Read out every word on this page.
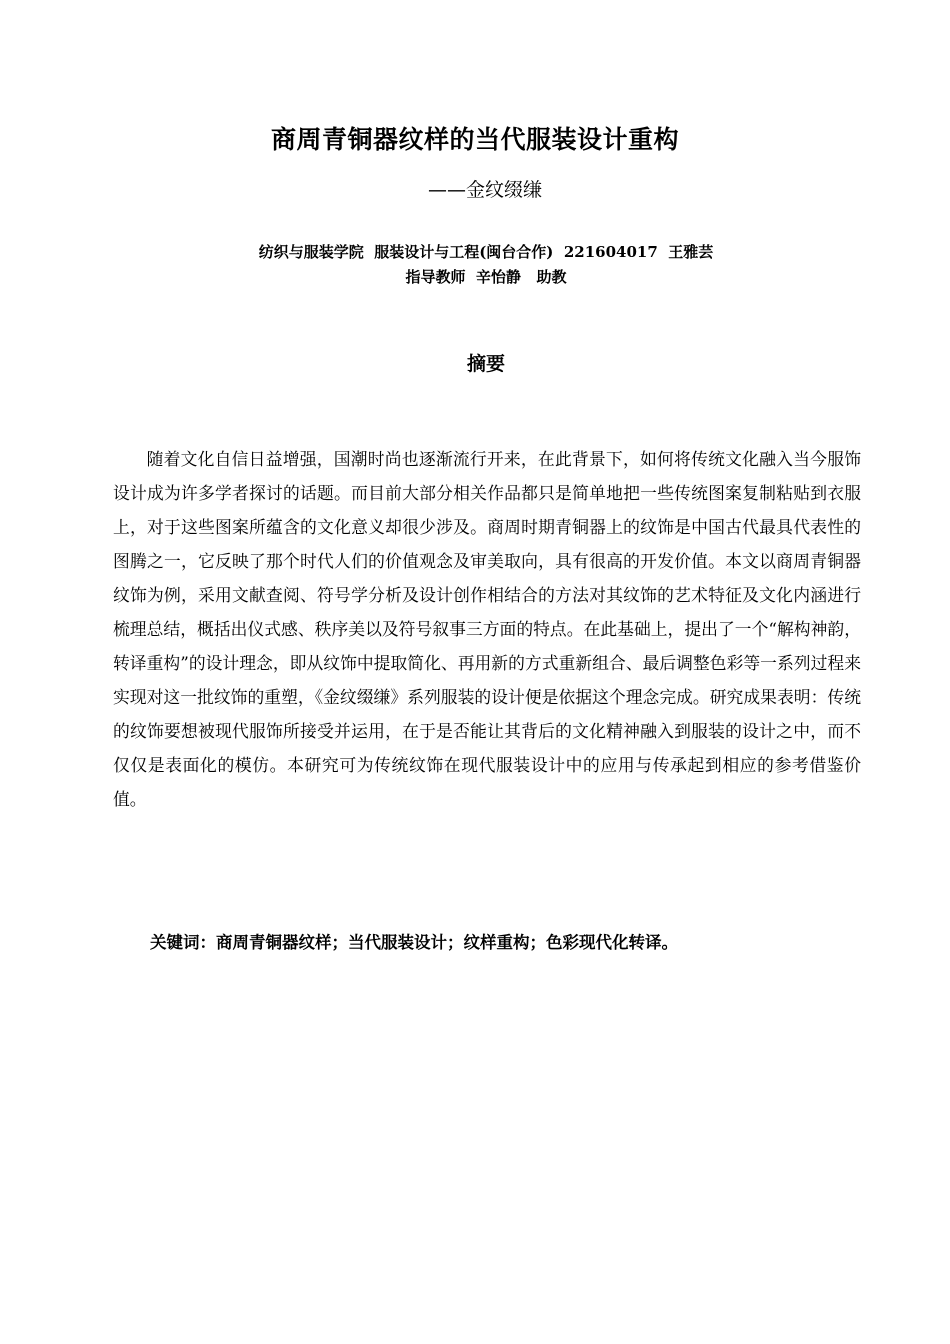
商周青铜器纹样的当代服装设计重构
——金纹缀缣
纺织与服装学院  服装设计与工程(闽台合作)  221604017  王雅芸
指导教师  辛怡静   助教
摘要

随着文化自信日益增强，国潮时尚也逐渐流行开来，在此背景下，如何将传统文化融入当今服饰设计成为许多学者探讨的话题。而目前大部分相关作品都只是简单地把一些传统图案复制粘贴到衣服上，对于这些图案所蕴含的文化意义却很少涉及。商周时期青铜器上的纹饰是中国古代最具代表性的图腾之一，它反映了那个时代人们的价值观念及审美取向，具有很高的开发价值。本文以商周青铜器纹饰为例，采用文献查阅、符号学分析及设计创作相结合的方法对其纹饰的艺术特征及文化内涵进行梳理总结，概括出仪式感、秩序美以及符号叙事三方面的特点。在此基础上，提出了一个“解构神韵，转译重构”的设计理念，即从纹饰中提取简化、再用新的方式重新组合、最后调整色彩等一系列过程来实现对这一批纹饰的重塑，《金纹缀缣》系列服装的设计便是依据这个理念完成。研究成果表明：传统的纹饰要想被现代服饰所接受并运用，在于是否能让其背后的文化精神融入到服装的设计之中，而不仅仅是表面化的模仿。本研究可为传统纹饰在现代服装设计中的应用与传承起到相应的参考借鉴价值。

关键词：商周青铜器纹样；当代服装设计；纹样重构；色彩现代化转译。
